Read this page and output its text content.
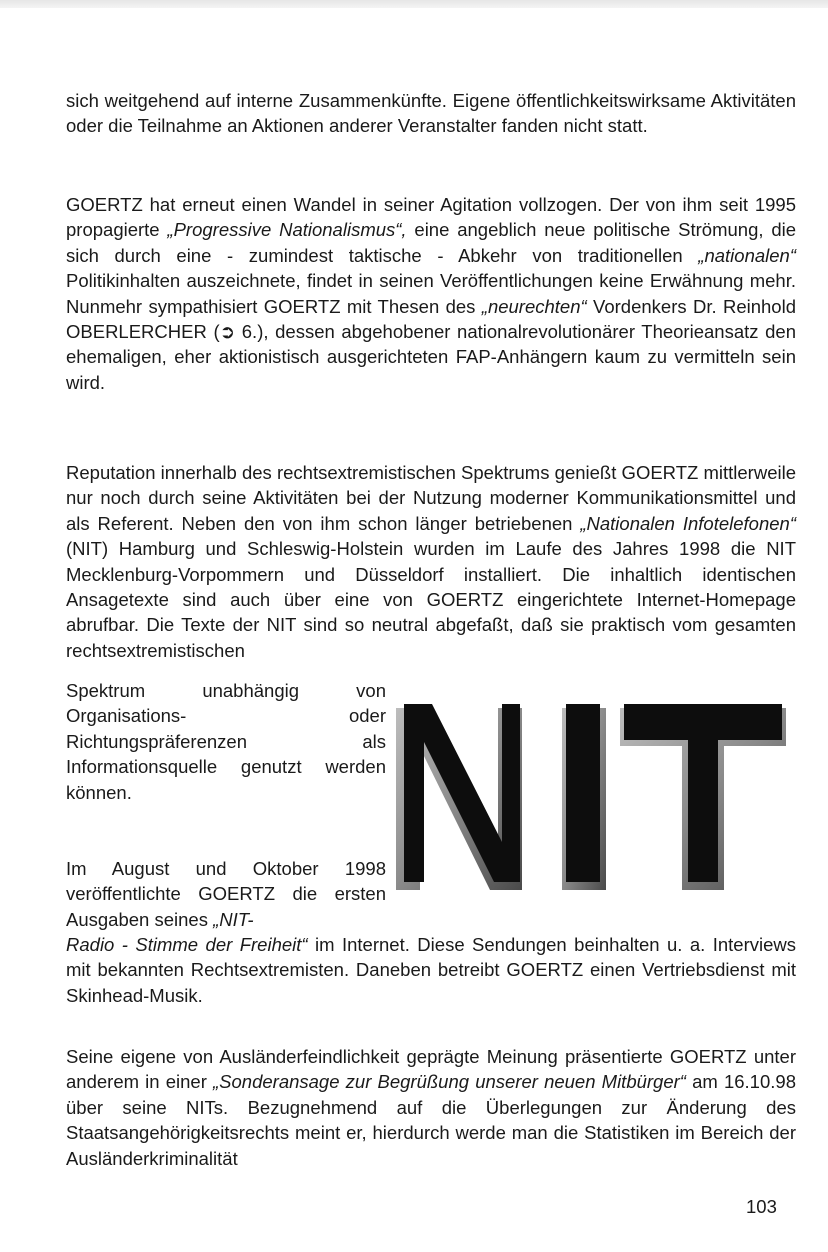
sich weitgehend auf interne Zusammenkünfte. Eigene öffentlichkeitswirksame Aktivitäten oder die Teilnahme an Aktionen anderer Veranstalter fanden nicht statt.

GOERTZ hat erneut einen Wandel in seiner Agitation vollzogen. Der von ihm seit 1995 propagierte „Progressive Nationalismus“, eine angeblich neue politische Strömung, die sich durch eine - zumindest taktische - Abkehr von traditionellen „nationalen“ Politikinhalten auszeichnete, findet in seinen Veröffentlichungen keine Erwähnung mehr. Nunmehr sympathisiert GOERTZ mit Thesen des „neurechten“ Vordenkers Dr. Reinhold OBERLERCHER (➲ 6.), dessen abgehobener nationalrevolutionärer Theorieansatz den ehemaligen, eher aktionistisch ausgerichteten FAP-Anhängern kaum zu vermitteln sein wird.

Reputation innerhalb des rechtsextremistischen Spektrums genießt GOERTZ mittlerweile nur noch durch seine Aktivitäten bei der Nutzung moderner Kommunikationsmittel und als Referent. Neben den von ihm schon länger betriebenen „Nationalen Infotelefonen“ (NIT) Hamburg und Schleswig-Holstein wurden im Laufe des Jahres 1998 die NIT Mecklenburg-Vorpommern und Düsseldorf installiert. Die inhaltlich identischen Ansagetexte sind auch über eine von GOERTZ eingerichtete Internet-Homepage abrufbar. Die Texte der NIT sind so neutral abgefaßt, daß sie praktisch vom gesamten rechtsextremistischen

Spektrum unabhängig von Organisations- oder Richtungspräferenzen als Informationsquelle genutzt werden können.

Im August und Oktober 1998 veröffentlichte GOERTZ die ersten Ausgaben seines „NIT-

Radio - Stimme der Freiheit“ im Internet. Diese Sendungen beinhalten u. a. Interviews mit bekannten Rechtsextremisten. Daneben betreibt GOERTZ einen Vertriebsdienst mit Skinhead-Musik.

Seine eigene von Ausländerfeindlichkeit geprägte Meinung präsentierte GOERTZ unter anderem in einer „Sonderansage zur Begrüßung unserer neuen Mitbürger“ am 16.10.98 über seine NITs. Bezugnehmend auf die Überlegungen zur Änderung des Staatsangehörigkeitsrechts meint er, hierdurch werde man die Statistiken im Bereich der Ausländerkriminalität

103
